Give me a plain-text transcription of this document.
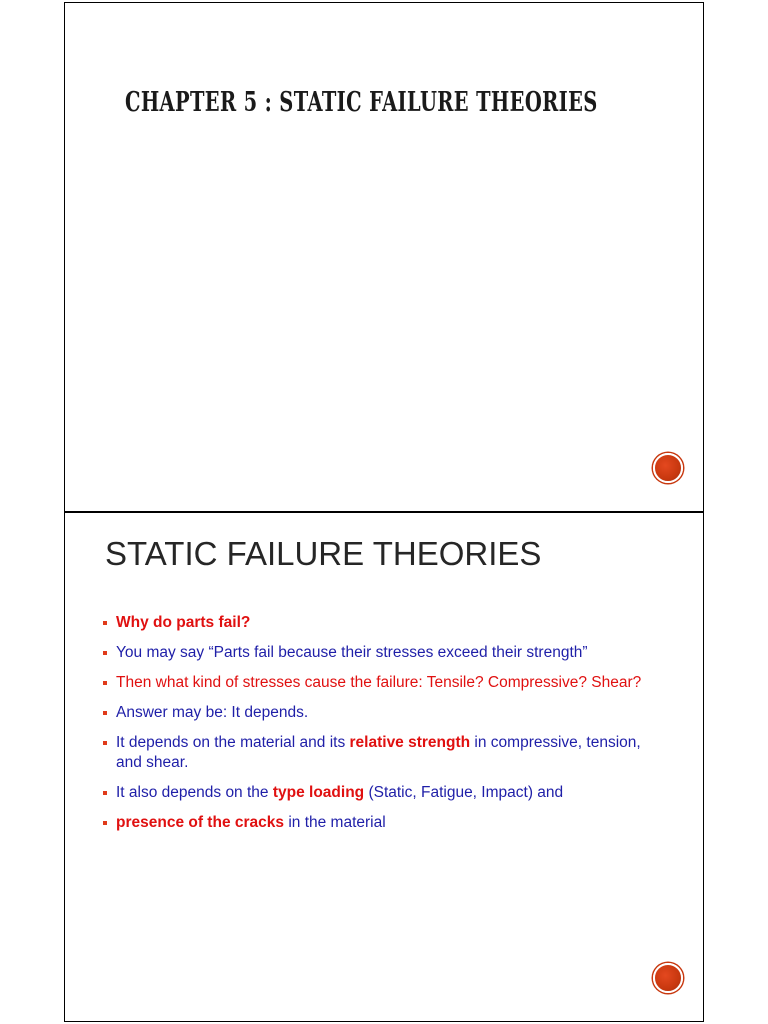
CHAPTER 5 : STATIC FAILURE THEORIES
STATIC FAILURE THEORIES
Why do parts fail?
You may say “Parts fail because their stresses exceed their strength”
Then what kind of stresses cause the failure: Tensile? Compressive? Shear?
Answer may be: It depends.
It depends on the material and its relative strength in compressive, tension, and shear.
It also depends on the type loading (Static, Fatigue, Impact) and
presence of the cracks in the material
